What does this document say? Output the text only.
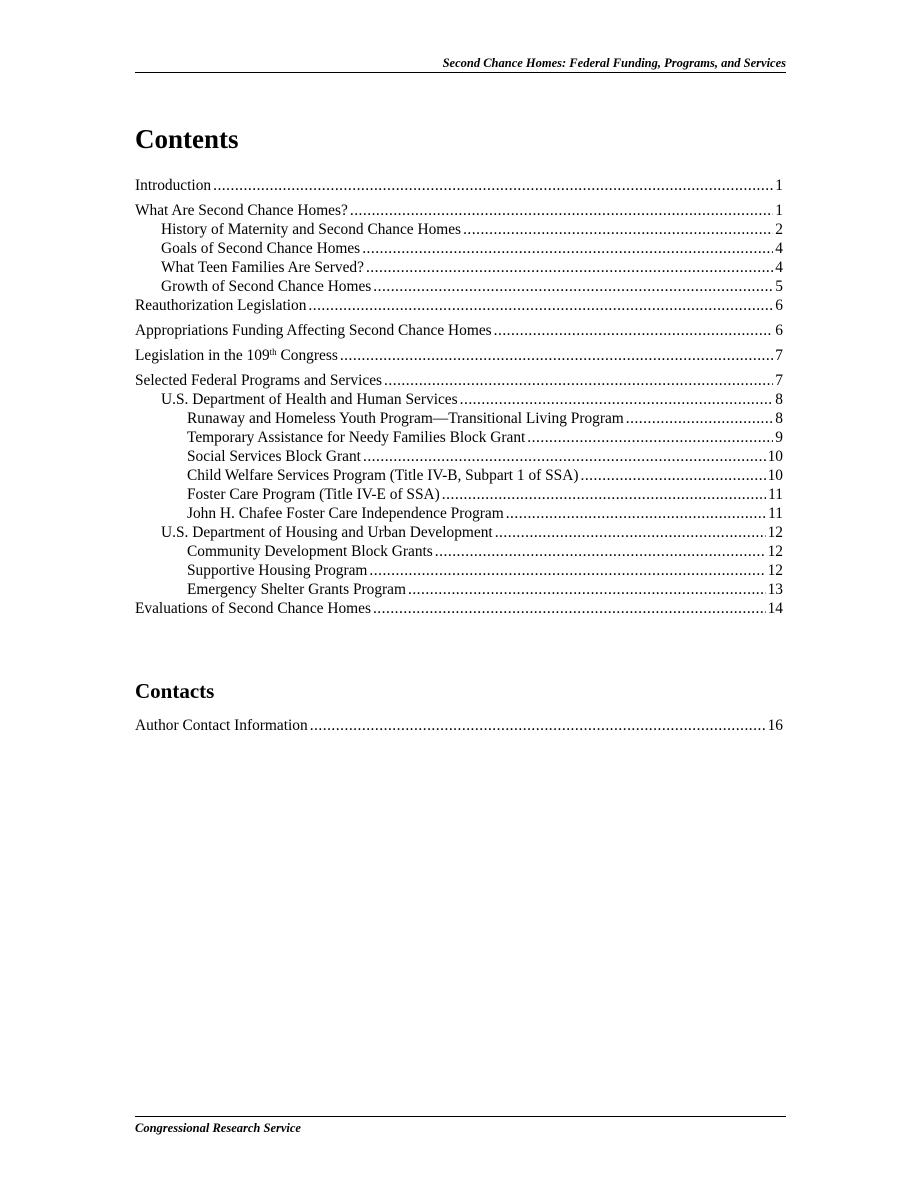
Second Chance Homes: Federal Funding, Programs, and Services
Contents
Introduction .....	1
What Are Second Chance Homes? .....	1
History of Maternity and Second Chance Homes .....	2
Goals of Second Chance Homes .....	4
What Teen Families Are Served? .....	4
Growth of Second Chance Homes .....	5
Reauthorization Legislation .....	6
Appropriations Funding Affecting Second Chance Homes .....	6
Legislation in the 109th Congress .....	7
Selected Federal Programs and Services .....	7
U.S. Department of Health and Human Services .....	8
Runaway and Homeless Youth Program—Transitional Living Program .....	8
Temporary Assistance for Needy Families Block Grant .....	9
Social Services Block Grant .....	10
Child Welfare Services Program (Title IV-B, Subpart 1 of SSA) .....	10
Foster Care Program (Title IV-E of SSA) .....	11
John H. Chafee Foster Care Independence Program .....	11
U.S. Department of Housing and Urban Development .....	12
Community Development Block Grants .....	12
Supportive Housing Program .....	12
Emergency Shelter Grants Program .....	13
Evaluations of Second Chance Homes .....	14
Contacts
Author Contact Information .....	16
Congressional Research Service
